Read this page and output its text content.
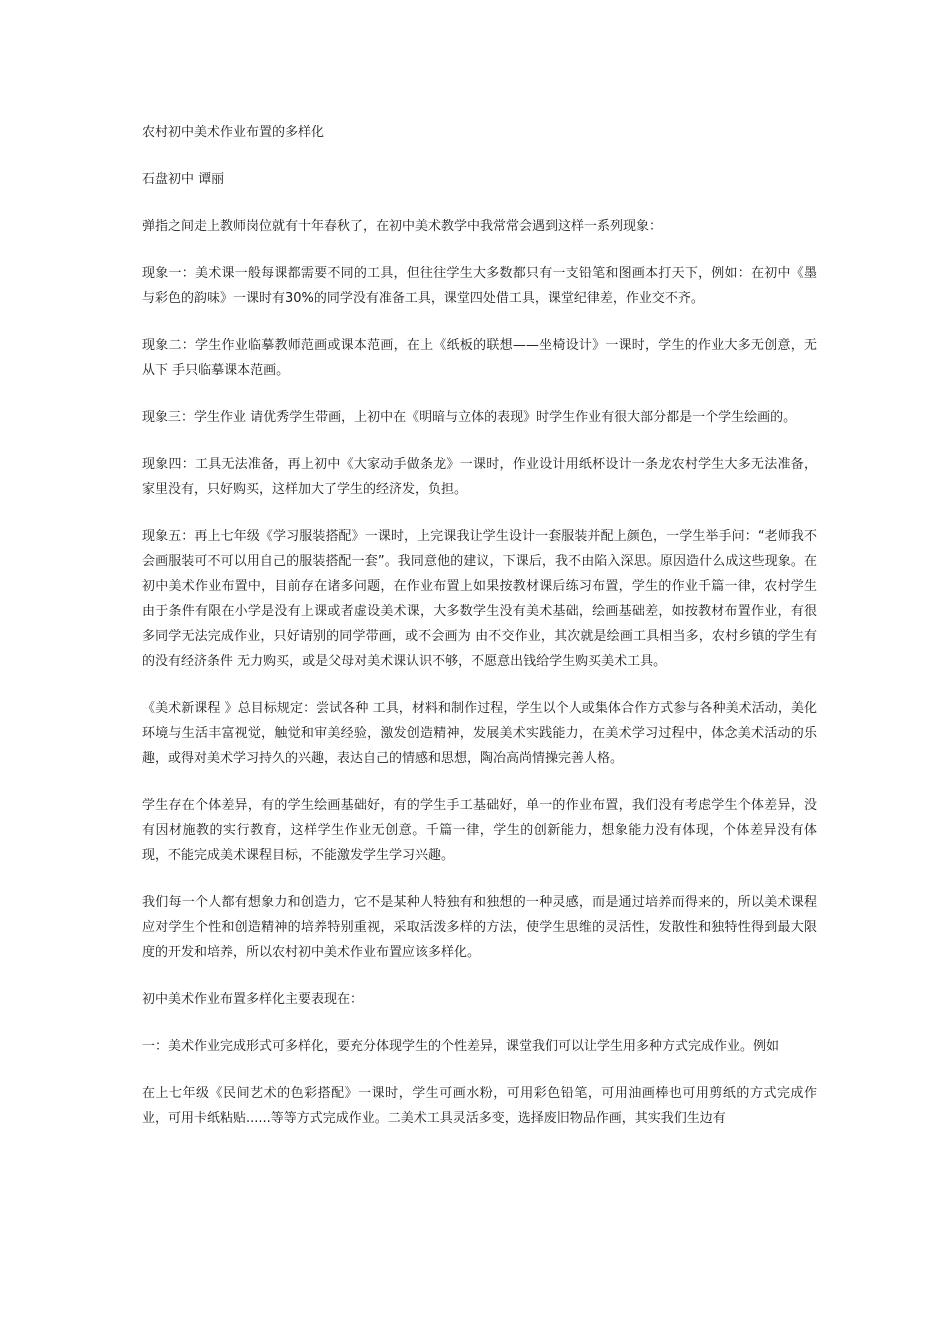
农村初中美术作业布置的多样化

石盘初中 谭丽

弹指之间走上教师岗位就有十年春秋了，在初中美术教学中我常常会遇到这样一系列现象：

现象一：美术课一般每课都需要不同的工具，但往往学生大多数都只有一支铅笔和图画本打天下，例如：在初中《墨与彩色的韵味》一课时有30%的同学没有准备工具，课堂四处借工具，课堂纪律差，作业交不齐。

现象二：学生作业临摹教师范画或课本范画，在上《纸板的联想——坐椅设计》一课时，学生的作业大多无创意，无从下 手只临摹课本范画。

现象三：学生作业 请优秀学生带画，上初中在《明暗与立体的表现》时学生作业有很大部分都是一个学生绘画的。

现象四：工具无法准备，再上初中《大家动手做条龙》一课时，作业设计用纸杯设计一条龙农村学生大多无法准备，家里没有，只好购买，这样加大了学生的经济发，负担。

现象五：再上七年级《学习服装搭配》一课时，上完课我让学生设计一套服装并配上颜色，一学生举手问：“老师我不会画服装可不可以用自己的服装搭配一套”。我同意他的建议，下课后，我不由陷入深思。原因造什么成这些现象。在初中美术作业布置中，目前存在诸多问题，在作业布置上如果按教材课后练习布置，学生的作业千篇一律，农村学生由于条件有限在小学是没有上课或者虚设美术课，大多数学生没有美术基础，绘画基础差，如按教材布置作业，有很多同学无法完成作业，只好请别的同学带画，或不会画为 由不交作业，其次就是绘画工具相当多，农村乡镇的学生有的没有经济条件 无力购买，或是父母对美术课认识不够，不愿意出钱给学生购买美术工具。

《美术新课程 》总目标规定：尝试各种 工具，材料和制作过程，学生以个人或集体合作方式参与各种美术活动，美化环境与生活丰富视觉，触觉和审美经验，激发创造精神，发展美术实践能力，在美术学习过程中，体念美术活动的乐趣，或得对美术学习持久的兴趣，表达自己的情感和思想，陶冶高尚情操完善人格。

学生存在个体差异，有的学生绘画基础好，有的学生手工基础好，单一的作业布置，我们没有考虑学生个体差异，没有因材施教的实行教育，这样学生作业无创意。千篇一律，学生的创新能力，想象能力没有体现，个体差异没有体现，不能完成美术课程目标，不能激发学生学习兴趣。

我们每一个人都有想象力和创造力，它不是某种人特独有和独想的一种灵感，而是通过培养而得来的，所以美术课程应对学生个性和创造精神的培养特别重视，采取活泼多样的方法，使学生思维的灵活性，发散性和独特性得到最大限度的开发和培养，所以农村初中美术作业布置应该多样化。

初中美术作业布置多样化主要表现在：

一：美术作业完成形式可多样化，要充分体现学生的个性差异，课堂我们可以让学生用多种方式完成作业。例如

在上七年级《民间艺术的色彩搭配》一课时，学生可画水粉，可用彩色铅笔，可用油画棒也可用剪纸的方式完成作业，可用卡纸粘贴......等等方式完成作业。二美术工具灵活多变，选择废旧物品作画，其实我们生边有
